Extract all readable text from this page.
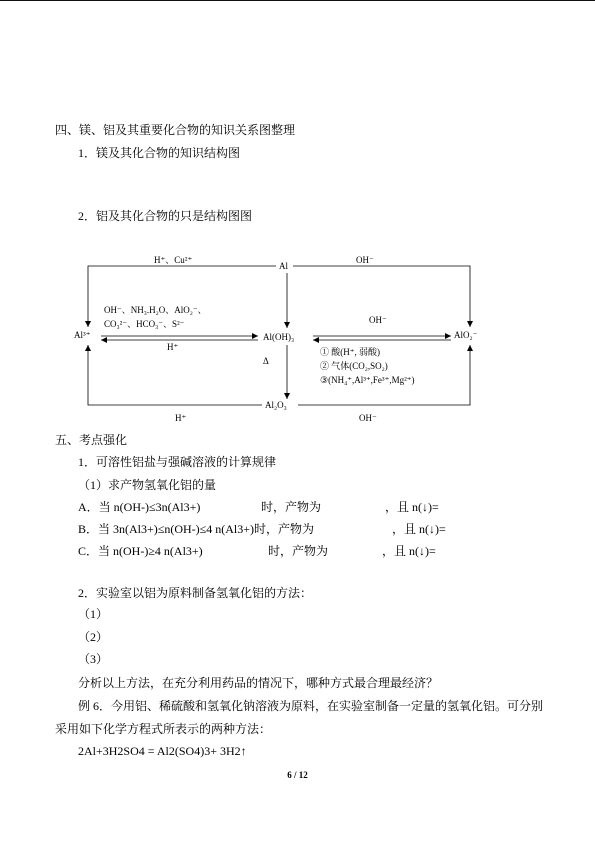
四、镁、铝及其重要化合物的知识关系图整理
1．镁及其化合物的知识结构图
2．铝及其化合物的只是结构图图
Al
Al³⁺	Al(OH)₃	AlO₂⁻
Al₂O₃
H⁺、Cu²⁺	OH⁻
OH⁻、NH₃.H₂O、AlO₂⁻、
CO₃²⁻、HCO₃⁻、S²⁻
H⁺
OH⁻
Δ
① 酸(H⁺, 弱酸)
② 气体(CO₂,SO₂)
③(NH₄⁺,Al³⁺,Fe³⁺,Mg²⁺)
H⁺	OH⁻
五、考点强化
1．可溶性铝盐与强碱溶液的计算规律
（1）求产物氢氧化铝的量
A．当 n(OH-)≤3n(Al3+)	时，产物为	，且 n(↓)=
B．当 3n(Al3+)≤n(OH-)≤4 n(Al3+)时，产物为	，且 n(↓)=
C．当 n(OH-)≥4 n(Al3+)	时，产物为	，且 n(↓)=
2．实验室以铝为原料制备氢氧化铝的方法：
（1）
（2）
（3）
分析以上方法，在充分利用药品的情况下，哪种方式最合理最经济？
例 6．今用铝、稀硫酸和氢氧化钠溶液为原料，在实验室制备一定量的氢氧化铝。可分别
采用如下化学方程式所表示的两种方法：
2Al+3H2SO4 = Al2(SO4)3+ 3H2↑
6 / 12
